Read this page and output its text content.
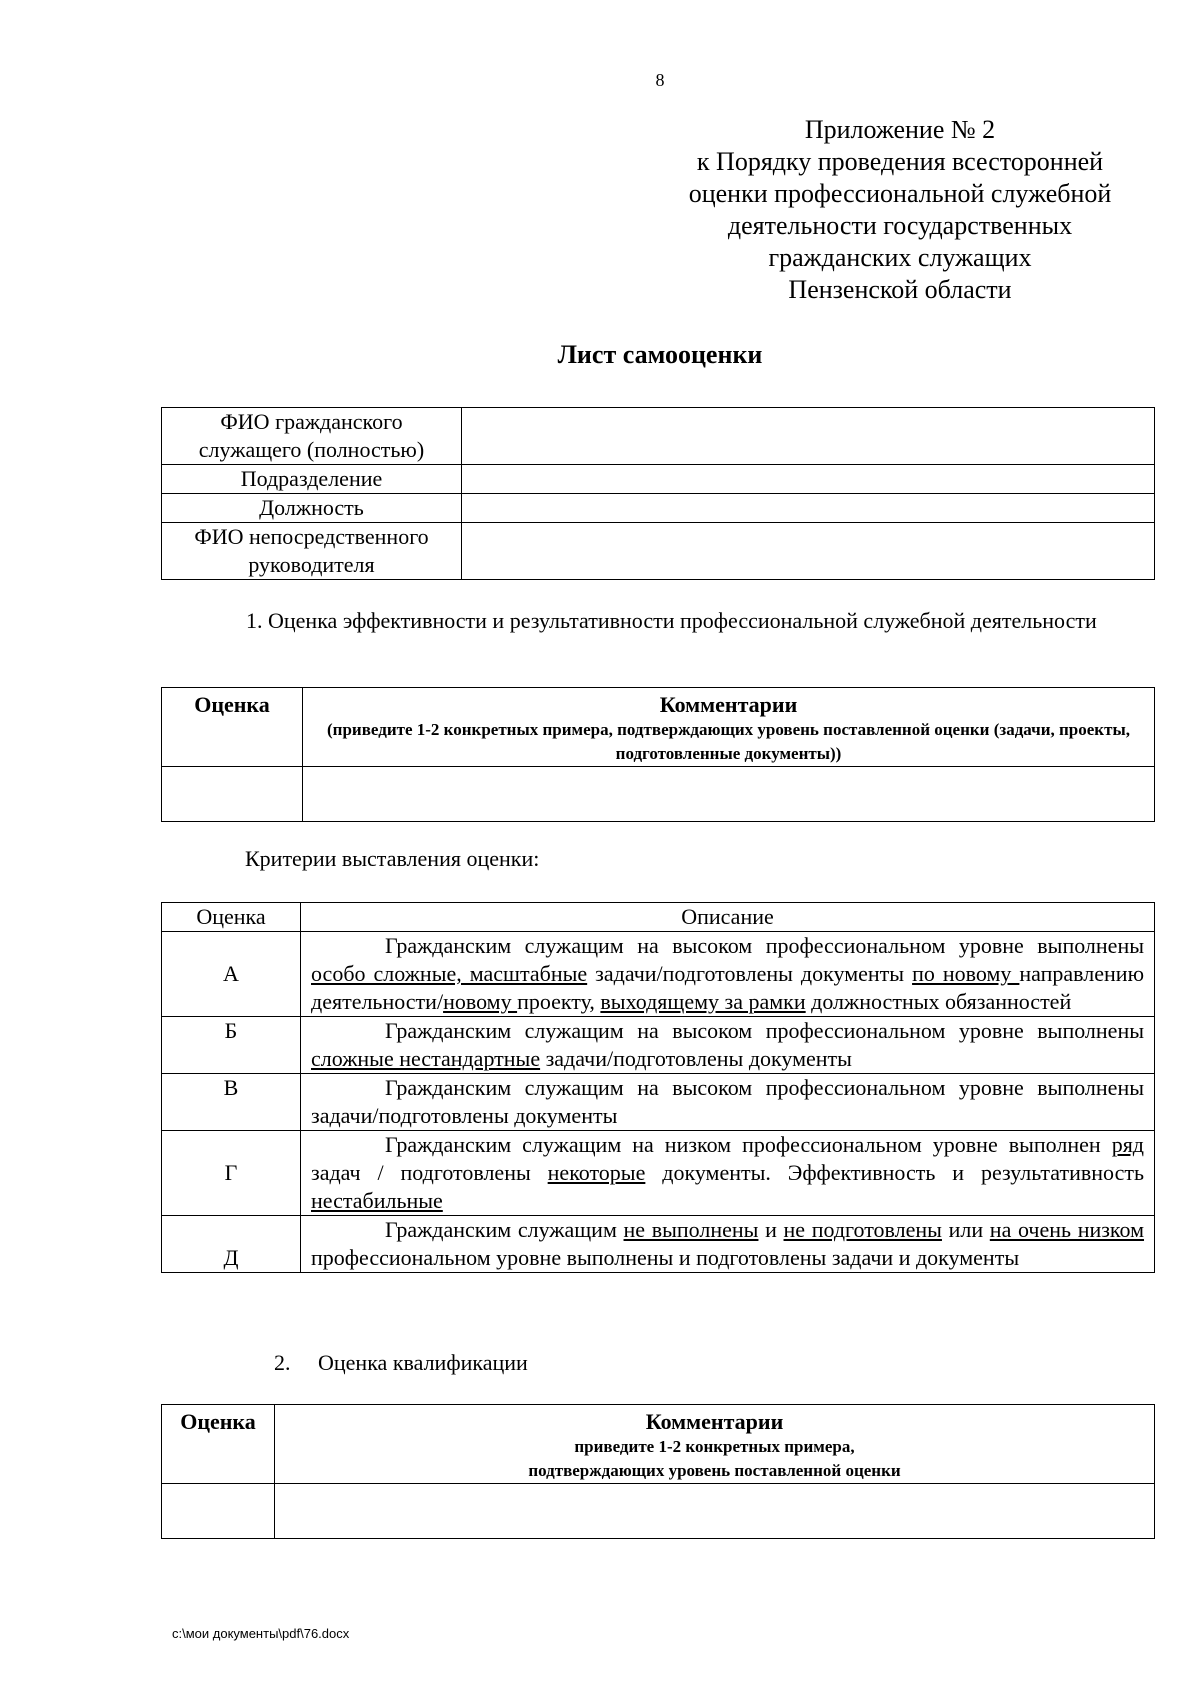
8
Приложение № 2
к Порядку проведения всесторонней
оценки профессиональной служебной
деятельности государственных
гражданских служащих
Пензенской области
Лист самооценки
ФИО гражданского служащего (полностью)	
Подразделение	
Должность	
ФИО непосредственного руководителя	
1. Оценка эффективности и результативности профессиональной служебной деятельности
Оценка	Комментарии
(приведите 1-2 конкретных примера, подтверждающих уровень поставленной оценки (задачи, проекты, подготовленные документы))

Критерии выставления оценки:
Оценка	Описание
А	Гражданским служащим на высоком профессиональном уровне выполнены особо сложные, масштабные задачи/подготовлены документы по новому направлению деятельности/новому проекту, выходящему за рамки должностных обязанностей
Б	Гражданским служащим на высоком профессиональном уровне выполнены сложные нестандартные задачи/подготовлены документы
В	Гражданским служащим на высоком профессиональном уровне выполнены задачи/подготовлены документы
Г	Гражданским служащим на низком профессиональном уровне выполнен ряд задач / подготовлены некоторые документы. Эффективность и результативность нестабильные
Д	Гражданским служащим не выполнены и не подготовлены или на очень низком профессиональном уровне выполнены и подготовлены задачи и документы
2. Оценка квалификации
Оценка	Комментарии
приведите 1-2 конкретных примера,
подтверждающих уровень поставленной оценки

c:\мои документы\pdf\76.docx
